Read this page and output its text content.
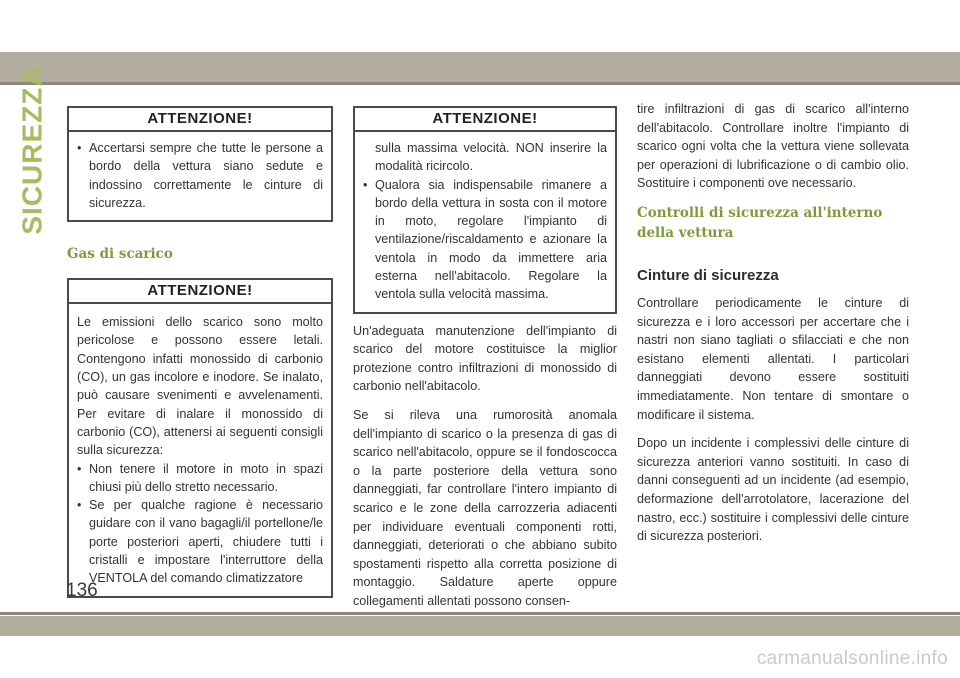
SICUREZZA	ATTENZIONE!
• Accertarsi sempre che tutte le persone a bordo della vettura siano sedute e indossino correttamente le cinture di sicurezza.
Gas di scarico
ATTENZIONE!
Le emissioni dello scarico sono molto pericolose e possono essere letali. Contengono infatti monossido di carbonio (CO), un gas incolore e inodore. Se inalato, può causare svenimenti e avvelenamenti. Per evitare di inalare il monossido di carbonio (CO), attenersi ai seguenti consigli sulla sicurezza:
• Non tenere il motore in moto in spazi chiusi più dello stretto necessario.
• Se per qualche ragione è necessario guidare con il vano bagagli/il portellone/le porte posteriori aperti, chiudere tutti i cristalli e impostare l'interruttore della VENTOLA del comando climatizzatore
ATTENZIONE!
sulla massima velocità. NON inserire la modalità ricircolo.
• Qualora sia indispensabile rimanere a bordo della vettura in sosta con il motore in moto, regolare l'impianto di ventilazione/riscaldamento e azionare la ventola in modo da immettere aria esterna nell'abitacolo. Regolare la ventola sulla velocità massima.

Un'adeguata manutenzione dell'impianto di scarico del motore costituisce la miglior protezione contro infiltrazioni di monossido di carbonio nell'abitacolo.

Se si rileva una rumorosità anomala dell'impianto di scarico o la presenza di gas di scarico nell'abitacolo, oppure se il fondoscocca o la parte posteriore della vettura sono danneggiati, far controllare l'intero impianto di scarico e le zone della carrozzeria adiacenti per individuare eventuali componenti rotti, danneggiati, deteriorati o che abbiano subito spostamenti rispetto alla corretta posizione di montaggio. Saldature aperte oppure collegamenti allentati possono consen-

tire infiltrazioni di gas di scarico all'interno dell'abitacolo. Controllare inoltre l'impianto di scarico ogni volta che la vettura viene sollevata per operazioni di lubrificazione o di cambio olio. Sostituire i componenti ove necessario.

Controlli di sicurezza all'interno della vettura
Cinture di sicurezza

Controllare periodicamente le cinture di sicurezza e i loro accessori per accertare che i nastri non siano tagliati o sfilacciati e che non esistano elementi allentati. I particolari danneggiati devono essere sostituiti immediatamente. Non tentare di smontare o modificare il sistema.

Dopo un incidente i complessivi delle cinture di sicurezza anteriori vanno sostituiti. In caso di danni conseguenti ad un incidente (ad esempio, deformazione dell'arrotolatore, lacerazione del nastro, ecc.) sostituire i complessivi delle cinture di sicurezza posteriori.

136
carmanualsonline.info
